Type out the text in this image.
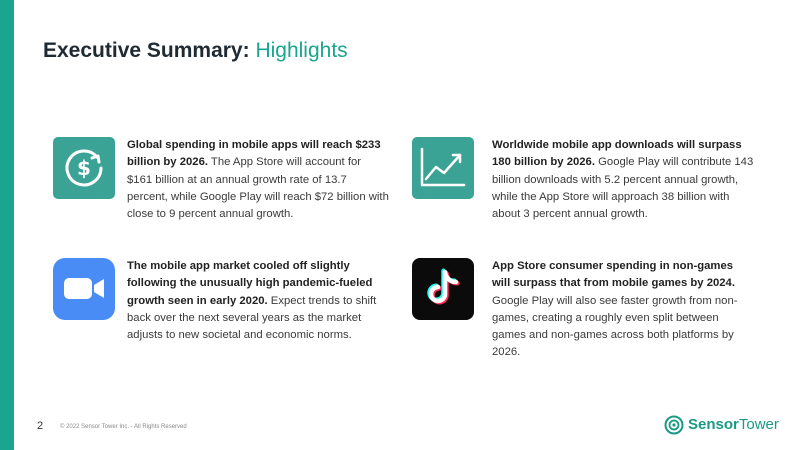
Executive Summary: Highlights
$
Global spending in mobile apps will reach $233 billion by 2026. The App Store will account for $161 billion at an annual growth rate of 13.7 percent, while Google Play will reach $72 billion with close to 9 percent annual growth.
Worldwide mobile app downloads will surpass 180 billion by 2026. Google Play will contribute 143 billion downloads with 5.2 percent annual growth, while the App Store will approach 38 billion with about 3 percent annual growth.
The mobile app market cooled off slightly following the unusually high pandemic-fueled growth seen in early 2020. Expect trends to shift back over the next several years as the market adjusts to new societal and economic norms.
App Store consumer spending in non-games will surpass that from mobile games by 2024. Google Play will also see faster growth from non-games, creating a roughly even split between games and non-games across both platforms by 2026.
2	© 2022 Sensor Tower Inc. - All Rights Reserved	SensorTower
